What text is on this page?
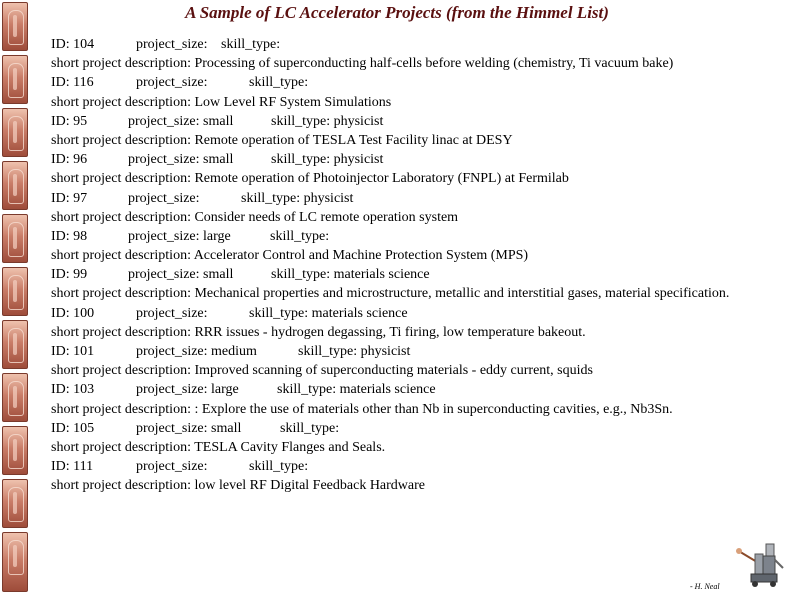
A Sample of LC Accelerator Projects (from the Himmel List)
ID: 104	project_size: skill_type:
short project description: Processing of superconducting half-cells before welding (chemistry, Ti vacuum bake)
ID: 116	project_size:	skill_type:
short project description: Low Level RF System Simulations
ID: 95	project_size: small	skill_type: physicist
short project description: Remote operation of TESLA Test Facility linac at DESY
ID: 96	project_size: small	skill_type: physicist
short project description: Remote operation of Photoinjector Laboratory (FNPL) at Fermilab
ID: 97	project_size:	skill_type: physicist
short project description: Consider needs of LC remote operation system
ID: 98	project_size: large	skill_type:
short project description: Accelerator Control and Machine Protection System (MPS)
ID: 99	project_size: small	skill_type: materials science
short project description: Mechanical properties and microstructure, metallic and interstitial gases, material specification.
ID: 100	project_size:	skill_type: materials science
short project description: RRR issues - hydrogen degassing, Ti firing, low temperature bakeout.
ID: 101	project_size: medium	skill_type: physicist
short project description: Improved scanning of superconducting materials - eddy current, squids
ID: 103	project_size: large	skill_type: materials science
short project description: : Explore the use of materials other than Nb in superconducting cavities, e.g., Nb3Sn.
ID: 105	project_size: small	skill_type:
short project description: TESLA Cavity Flanges and Seals.
ID: 111	project_size:	skill_type:
short project description: low level RF Digital Feedback Hardware
- H. Neal
